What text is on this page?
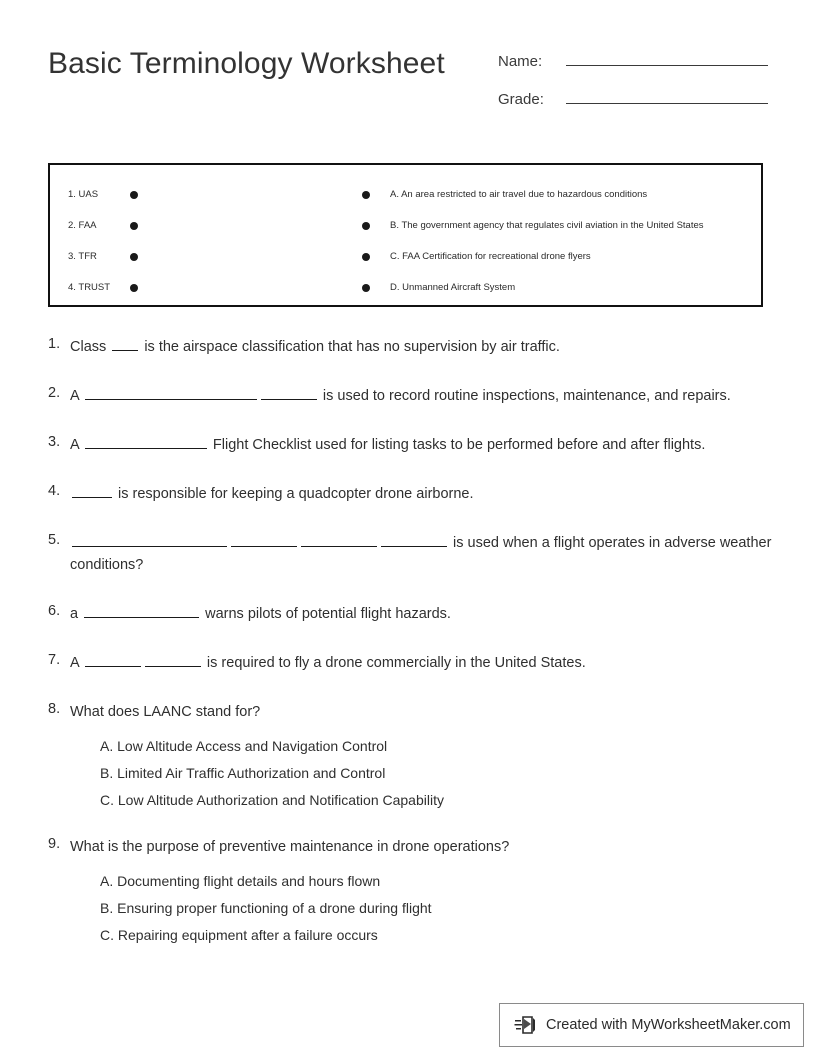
Basic Terminology Worksheet	Name:
Grade:
1. UAS	A. An area restricted to air travel due to hazardous conditions
2. FAA	B. The government agency that regulates civil aviation in the United States
3. TFR	C. FAA Certification for recreational drone flyers
4. TRUST	D. Unmanned Aircraft System
1. Class  is the airspace classification that has no supervision by air traffic.
2. A	is used to record routine inspections, maintenance, and repairs.
3. A	Flight Checklist used for listing tasks to be performed before and after flights.
4.	is responsible for keeping a quadcopter drone airborne.
5.	is used when a flight operates in adverse weather conditions?
6. a	warns pilots of potential flight hazards.
7. A	is required to fly a drone commercially in the United States.
8. What does LAANC stand for?
A. Low Altitude Access and Navigation Control
B. Limited Air Traffic Authorization and Control
C. Low Altitude Authorization and Notification Capability
9. What is the purpose of preventive maintenance in drone operations?
A. Documenting flight details and hours flown
B. Ensuring proper functioning of a drone during flight
C. Repairing equipment after a failure occurs
Created with MyWorksheetMaker.com
